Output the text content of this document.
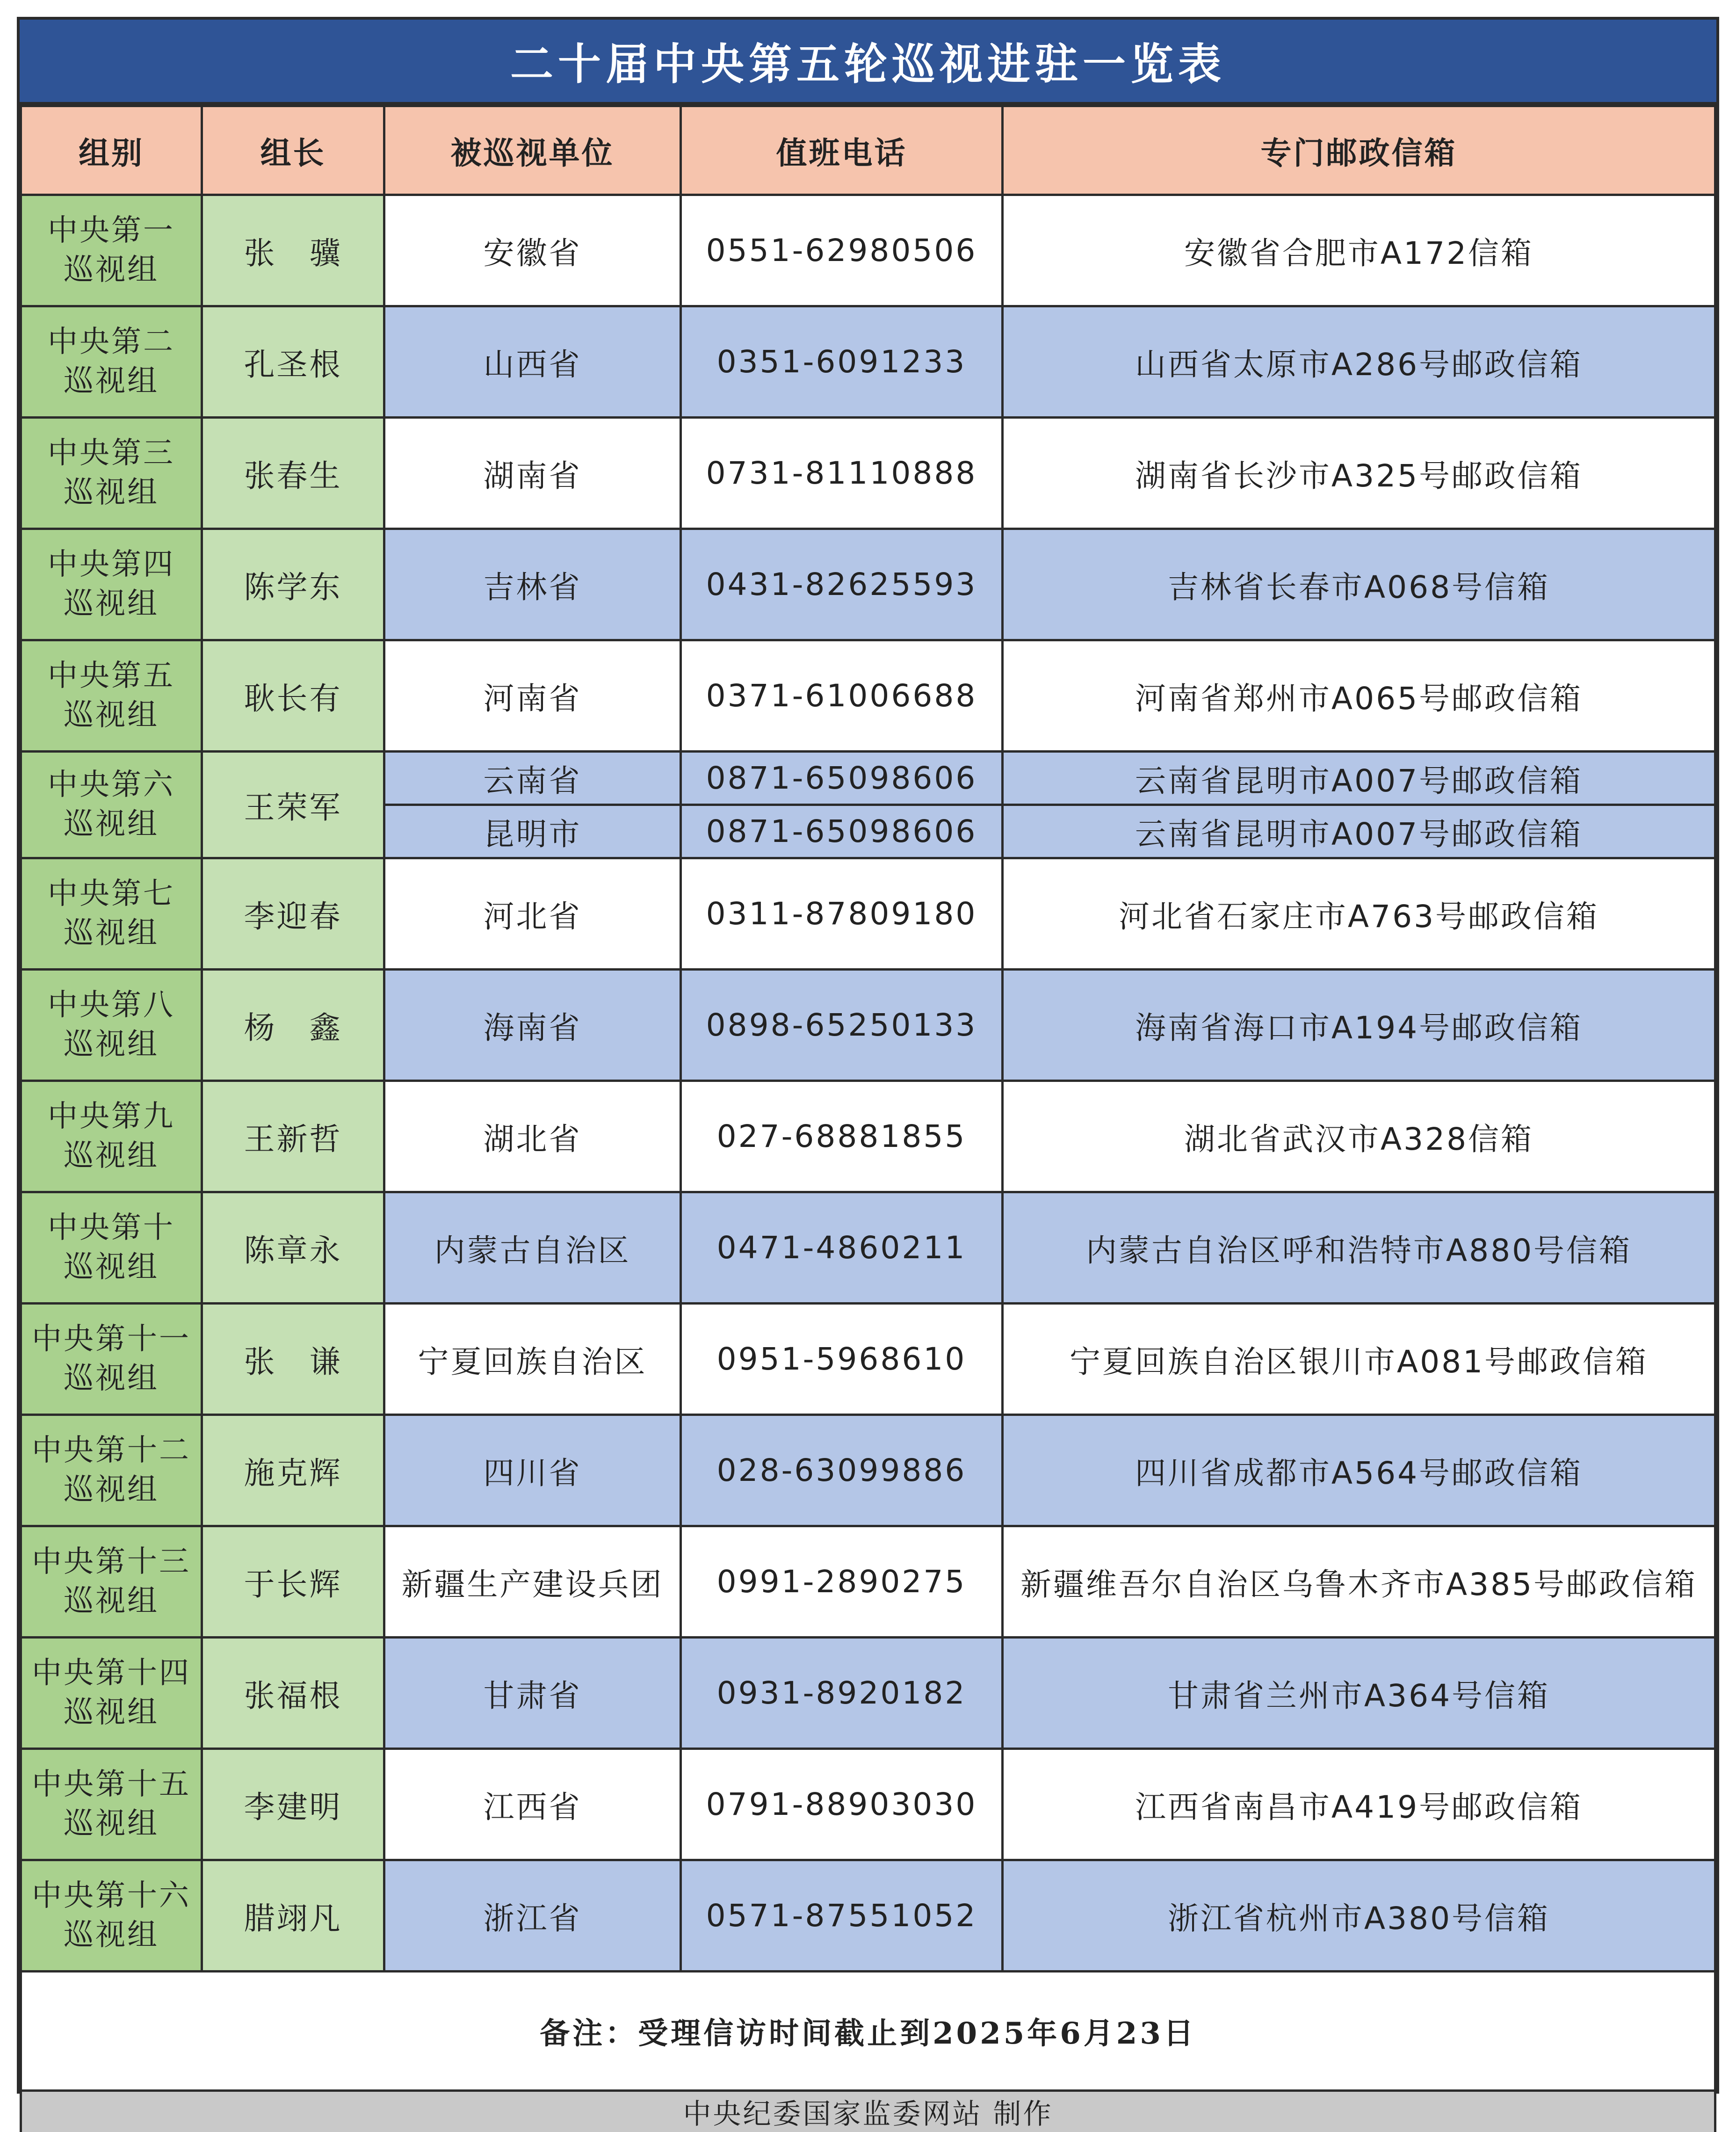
二十届中央第五轮巡视进驻一览表
组别	组长	被巡视单位	值班电话	专门邮政信箱

中央第一
巡视组	张　骥	安徽省	0551-62980506	安徽省合肥市A172信箱

中央第二
巡视组	孔圣根	山西省	0351-6091233	山西省太原市A286号邮政信箱

中央第三
巡视组	张春生	湖南省	0731-81110888	湖南省长沙市A325号邮政信箱

中央第四
巡视组	陈学东	吉林省	0431-82625593	吉林省长春市A068号信箱

中央第五
巡视组	耿长有	河南省	0371-61006688	河南省郑州市A065号邮政信箱

中央第六
巡视组	王荣军	云南省	0871-65098606	云南省昆明市A007号邮政信箱
		昆明市	0871-65098606	云南省昆明市A007号邮政信箱

中央第七
巡视组	李迎春	河北省	0311-87809180	河北省石家庄市A763号邮政信箱

中央第八
巡视组	杨　鑫	海南省	0898-65250133	海南省海口市A194号邮政信箱

中央第九
巡视组	王新哲	湖北省	027-68881855	湖北省武汉市A328信箱

中央第十
巡视组	陈章永	内蒙古自治区	0471-4860211	内蒙古自治区呼和浩特市A880号信箱

中央第十一
巡视组	张　谦	宁夏回族自治区	0951-5968610	宁夏回族自治区银川市A081号邮政信箱

中央第十二
巡视组	施克辉	四川省	028-63099886	四川省成都市A564号邮政信箱

中央第十三
巡视组	于长辉	新疆生产建设兵团	0991-2890275	新疆维吾尔自治区乌鲁木齐市A385号邮政信箱

中央第十四
巡视组	张福根	甘肃省	0931-8920182	甘肃省兰州市A364号信箱

中央第十五
巡视组	李建明	江西省	0791-88903030	江西省南昌市A419号邮政信箱

中央第十六
巡视组	腊翊凡	浙江省	0571-87551052	浙江省杭州市A380号信箱
备注：受理信访时间截止到2025年6月23日				
中央纪委国家监委网站 制作				
